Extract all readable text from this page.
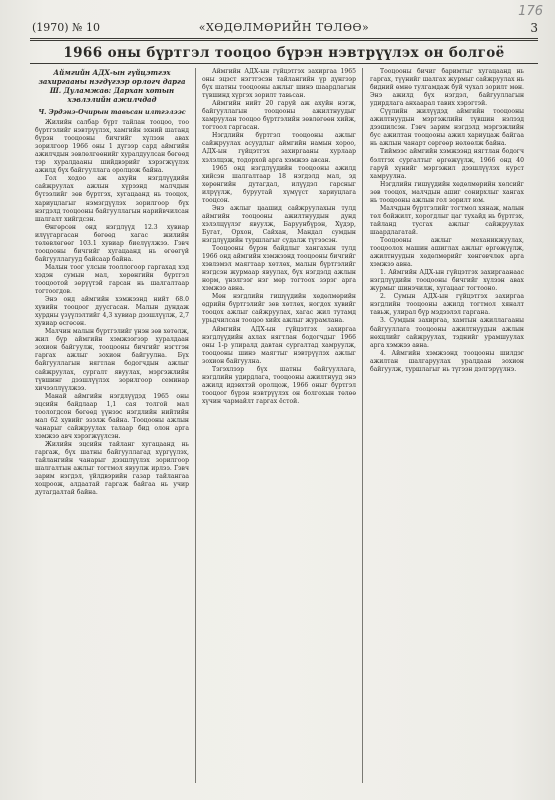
176
(1970) № 10	«ХӨДӨЛМӨРИЙН ТӨЛӨӨ»	3
1966 оны бүртгэл тооцоо бүрэн нэвтрүүлэх он болгоё
Аймгийн АДХ-ын гүйцэтгэх захиргааны нэгдүгээр орлогч дарга Ш. Дуламжав: Дархан хотын хэвлэлийн ажилчдад
Ч. Эрдэнэ-Очирын тавьсан илтгэлээс

Жилийн салбар бүрт тайлан тооцоо, тоо бүртгэлийг нэвтрүүлэх, хамгийн эхний шатанд бүрэн тооцооны бичгийг хүлээн авах зорилгоор 1966 оны 1 дүгээр сард аймгийн ажилчдын зөвлөлгөөнийг хуралдуулсан бөгөөд тэр хуралдааны шийдвэрийг хэрэгжүүлэх ажилд бүх байгууллага оролцож байна.

Гол ходоо аж ахуйн нэгдлүүдийн сайжруулах ажлын хүрээнд малчдын бүтээлийг зөв бүртгэх, хугацаанд нь тооцох, хариуцлагыг нэмэгдүүлэх зорилгоор бүх нэгдэлд тооцооны байгууллагын нарийвчилсан шалгалт хийгдсэн.

Өнгөрсөн онд нэгдлүүд 12.3 хувиар илүүгаргасан бөгөөд хагас жилийн төлөвлөгөөг 103.1 хувиар биелүүлжээ. Гэвч тооцооны бичгийг хугацаанд нь өгөөгүй байгууллагууд байсаар байна.

Малын тоог улсын тооллогоор гаргахад хэд хэдэн сумын мал, хөрөнгийн бүртгэл тооцоотой зөрүүтэй гарсан нь шалгалтаар тогтоогдов.

Энэ онд аймгийн хэмжээнд нийт 68.0 хувийн тооцоог дуусгасан. Малын дундаж хурдны үзүүлэлтийг 4,3 хувиар дээшлүүлж, 2,7 хувиар өсгөсөн.

Малчин малын бүртгэлийг үнэн зөв хөтөлж, жил бүр аймгийн хэмжээгээр хуралдаан зохион байгуулж, тооцооны бичгийг нэгтгэн гаргах ажлыг зохион байгуулна. Бүх байгууллагын нягтлан бодогчдын ажлыг сайжруулах, сургалт явуулах, мэргэжлийн түвшинг дээшлүүлэх зорилгоор семинар хичээллүүлжээ.

Манай аймгийн нэгдлүүдэд 1965 оны эцсийн байдлаар 1,1 сая толгой мал тоологдсон бөгөөд үүнээс нэгдлийн нийтийн мал 62 хувийг эзэлж байна. Тооцооны ажлын чанарыг сайжруулах талаар бид олон арга хэмжээ авч хэрэгжүүлсэн.

Жилийн эцсийн тайланг хугацаанд нь гаргаж, бүх шатны байгууллагад хүргүүлэх, тайлангийн чанарыг дээшлүүлэх зорилгоор шалгалтын ажлыг тогтмол явуулж ирлээ. Гэвч зарим нэгдэл, үйлдвэрийн газар тайлангаа хоцроож, алдаатай гаргаж байгаа нь учир дутагдалтай байна.

Аймгийн АДХ-ын гүйцэтгэх захиргаа 1965 оны эцэст нэгтгэсэн тайлангийн үр дүнгээр бүх шатны тооцооны ажлыг шинэ шаардлагын түвшинд хүргэх зорилт тавьсан.

Аймгийн нийт 20 гаруй аж ахуйн нэгж, байгууллагын тооцооны ажилтнуудыг хамруулан тооцоо бүртгэлийн зөвлөгөөн хийж, тогтоол гаргасан.

Нэгдлийн бүртгэл тооцооны ажлыг сайжруулах асуудлыг аймгийн намын хороо, АДХ-ын гүйцэтгэх захиргааны хурлаар хэлэлцэж, тодорхой арга хэмжээ авсан.

1965 онд нэгдлүүдийн тооцооны ажилд хийсэн шалгалтаар 18 нэгдэлд мал, эд хөрөнгийн дутагдал, илүүдэл гарсныг илрүүлж, буруутай хүмүүст хариуцлага тооцсон.

Энэ ажлыг цаашид сайжруулахын тулд аймгийн тооцооны ажилтнуудын дунд хэлэлцүүлэг явуулж, Баруунбүрэн, Хүдэр, Бугат, Орхон, Сайхан, Мандал сумдын нэгдлүүдийн туршлагыг судалж түгээсэн.

Тооцооны бүрэн байдлыг хангахын тулд 1966 онд аймгийн хэмжээнд тооцооны бичгийг хэвлэмэл маягтаар хөтлөх, малын бүртгэлийг нэгдсэн журмаар явуулах, бүх нэгдэлд ажлын норм, үнэлгээг нэг мөр тогтоох зэрэг арга хэмжээ авна.

Мөн нэгдлийн гишүүдийн хөдөлмөрийн өдрийн бүртгэлийг зөв хөтлөх, ногдох хувийг тооцох ажлыг сайжруулах, хагас жил тутамд урьдчилсан тооцоо хийх ажлыг журамлана.

Аймгийн АДХ-ын гүйцэтгэх захиргаа нэгдлүүдийн ахлах нягтлан бодогчдыг 1966 оны 1-р улиралд давтан сургалтад хамруулж, тооцооны шинэ маягтыг нэвтрүүлэх ажлыг зохион байгуулна.

Тэгэхлээр бүх шатны байгууллага, нэгдлийн удирдлага, тооцооны ажилтнууд энэ ажилд идэвхтэй оролцож, 1966 оныг бүртгэл тооцоог бүрэн нэвтрүүлэх он болгохын төлөө хүчин чармайлт гаргах ёстой.

Тооцооны бичиг баримтыг хугацаанд нь гаргах, түүнийг шалгах журмыг сайжруулах нь бидний өмнө тулгамдаж буй чухал зорилт мөн. Энэ ажилд бүх нэгдэл, байгууллагын удирдлага анхаарал тавих хэрэгтэй.

Сүүлийн жилүүдэд аймгийн тооцооны ажилтнуудын мэргэжлийн түвшин нэлээд дээшилсэн. Гэвч зарим нэгдэлд мэргэжлийн бус ажилтан тооцооны ажил хариуцаж байгаа нь ажлын чанарт сөргөөр нөлөөлж байна.

Тиймээс аймгийн хэмжээнд нягтлан бодогч бэлтгэх сургалтыг өргөжүүлж, 1966 онд 40 гаруй хүнийг мэргэжил дээшлүүлэх курст хамруулна.

Нэгдлийн гишүүдийн хөдөлмөрийн хөлсийг зөв тооцох, малчдын ашиг сонирхлыг хангах нь тооцооны ажлын гол зорилт юм.

Малчдын бүртгэлийг тогтмол хянаж, малын төл бойжилт, хорогдлыг цаг тухайд нь бүртгэх, тайланд тусгах ажлыг сайжруулах шаардлагатай.

Тооцооны ажлыг механикжуулах, тооцоолох машин ашиглах ажлыг өргөжүүлж, ажилтнуудын хөдөлмөрийг хөнгөвчлөх арга хэмжээ авна.

1. Аймгийн АДХ-ын гүйцэтгэх захиргаанаас нэгдлүүдийн тооцооны бичгийг хүлээн авах журмыг шинэчилж, хугацааг тогтооно.

2. Сумын АДХ-ын гүйцэтгэх захиргаа нэгдлийн тооцооны ажилд тогтмол хяналт тавьж, улирал бүр мэдээлэл гаргана.

3. Сумдын захиргаа, хамтын ажиллагааны байгууллага тооцооны ажилтнуудын ажлын нөхцлийг сайжруулах, тэднийг урамшуулах арга хэмжээ авна.

4. Аймгийн хэмжээнд тооцооны шилдэг ажилтан шалгаруулах уралдаан зохион байгуулж, туршлагыг нь түгээн дэлгэрүүлнэ.
